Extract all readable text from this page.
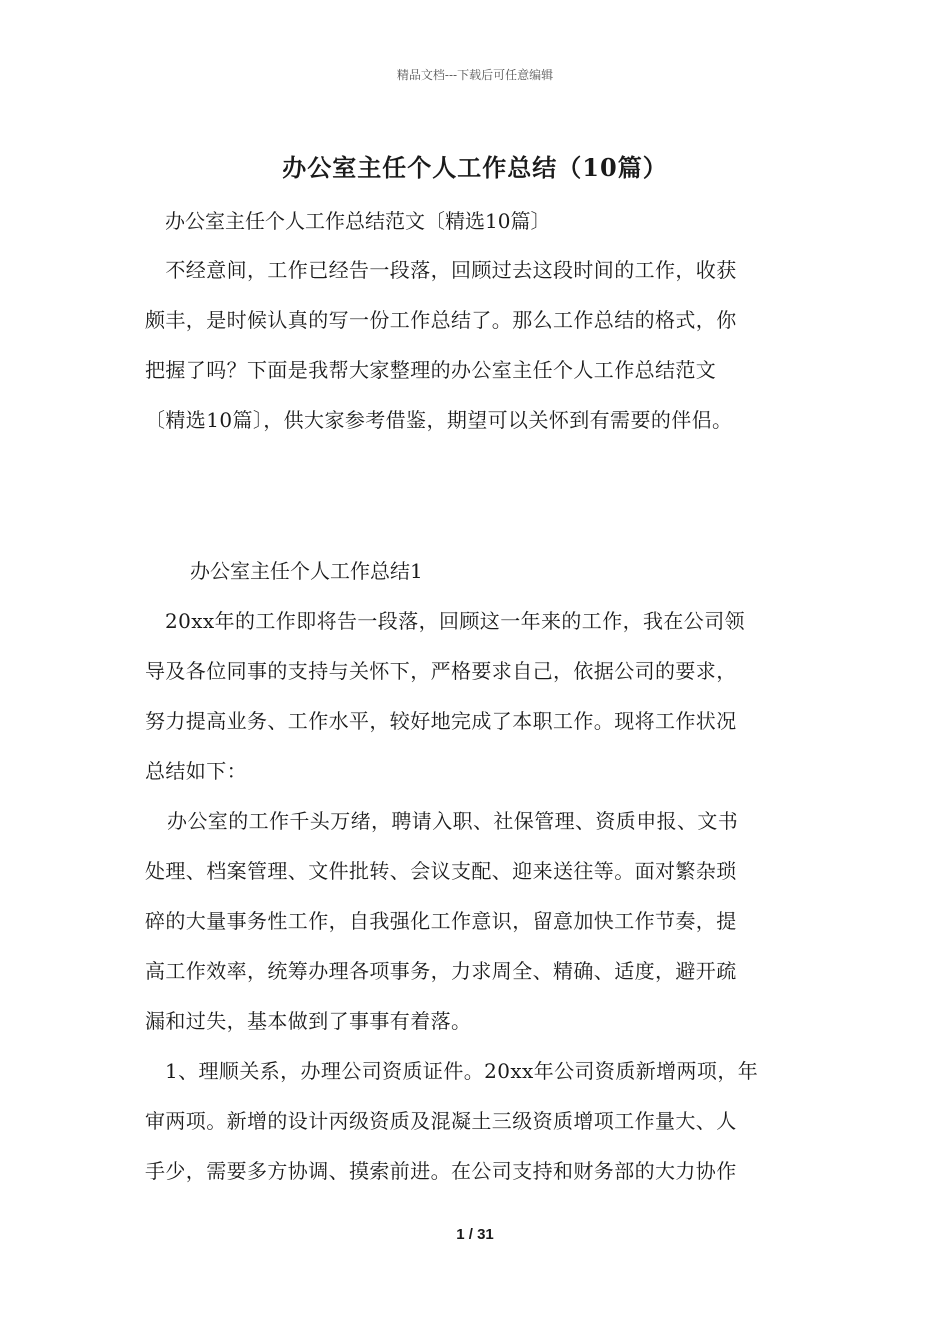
精品文档---下载后可任意编辑
办公室主任个人工作总结（10篇）
办公室主任个人工作总结范文〔精选10篇〕
　不经意间，工作已经告一段落，回顾过去这段时间的工作，收获
颇丰，是时候认真的写一份工作总结了。那么工作总结的格式，你
把握了吗？下面是我帮大家整理的办公室主任个人工作总结范文
〔精选10篇〕，供大家参考借鉴，期望可以关怀到有需要的伴侣。
办公室主任个人工作总结1
20xx年的工作即将告一段落，回顾这一年来的工作，我在公司领
导及各位同事的支持与关怀下，严格要求自己，依据公司的要求，
努力提高业务、工作水平，较好地完成了本职工作。现将工作状况
总结如下：
办公室的工作千头万绪，聘请入职、社保管理、资质申报、文书
处理、档案管理、文件批转、会议支配、迎来送往等。面对繁杂琐
碎的大量事务性工作，自我强化工作意识，留意加快工作节奏，提
高工作效率，统筹办理各项事务，力求周全、精确、适度，避开疏
漏和过失，基本做到了事事有着落。
1、理顺关系，办理公司资质证件。20xx年公司资质新增两项，年
审两项。新增的设计丙级资质及混凝土三级资质增项工作量大、人
手少，需要多方协调、摸索前进。在公司支持和财务部的大力协作
1 / 31
